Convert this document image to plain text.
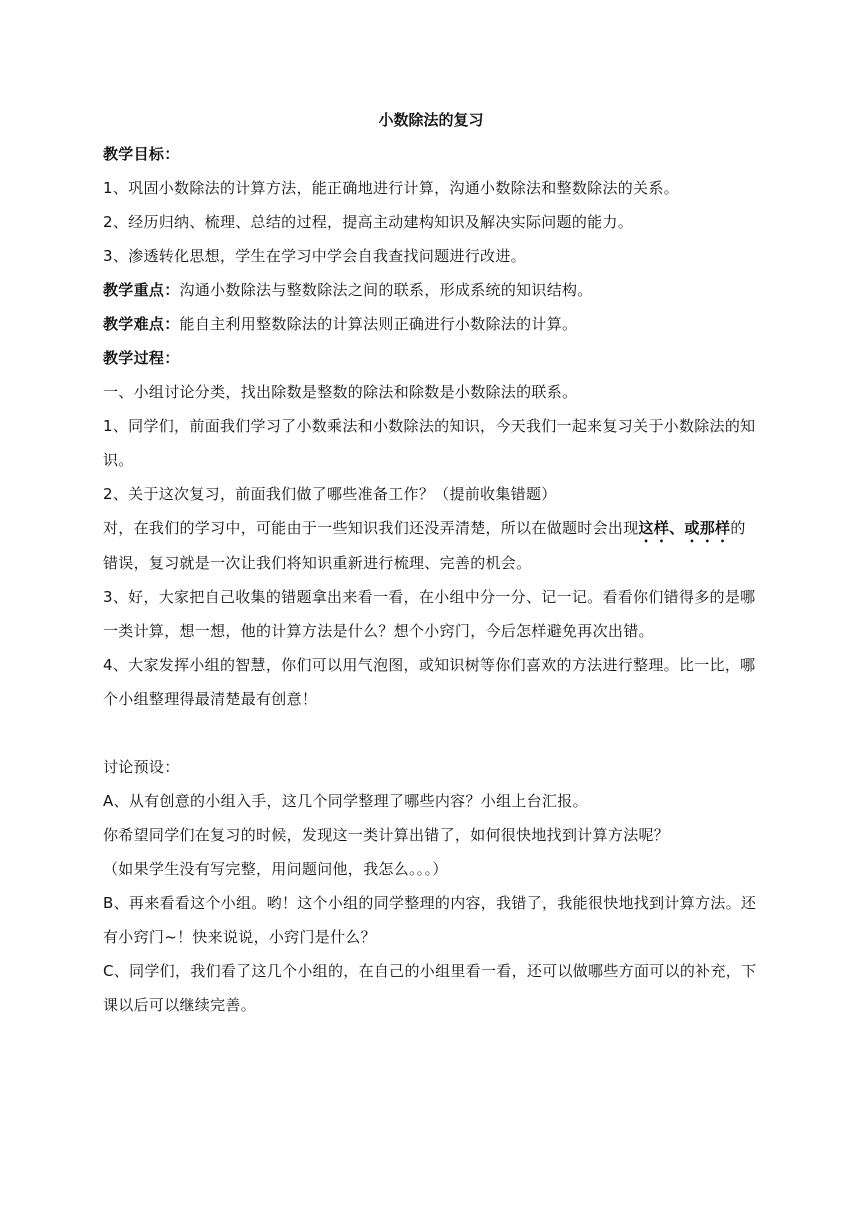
小数除法的复习

教学目标：

1、巩固小数除法的计算方法，能正确地进行计算，沟通小数除法和整数除法的关系。

2、经历归纳、梳理、总结的过程，提高主动建构知识及解决实际问题的能力。

3、渗透转化思想，学生在学习中学会自我查找问题进行改进。

教学重点：沟通小数除法与整数除法之间的联系，形成系统的知识结构。

教学难点：能自主利用整数除法的计算法则正确进行小数除法的计算。

教学过程：

一、小组讨论分类，找出除数是整数的除法和除数是小数除法的联系。

1、同学们，前面我们学习了小数乘法和小数除法的知识，今天我们一起来复习关于小数除法的知识。

2、关于这次复习，前面我们做了哪些准备工作？（提前收集错题）

对，在我们的学习中，可能由于一些知识我们还没弄清楚，所以在做题时会出现这样、或那样的错误，复习就是一次让我们将知识重新进行梳理、完善的机会。

3、好，大家把自己收集的错题拿出来看一看，在小组中分一分、记一记。看看你们错得多的是哪一类计算，想一想，他的计算方法是什么？想个小窍门，今后怎样避免再次出错。

4、大家发挥小组的智慧，你们可以用气泡图，或知识树等你们喜欢的方法进行整理。比一比，哪个小组整理得最清楚最有创意！

讨论预设：

A、从有创意的小组入手，这几个同学整理了哪些内容？小组上台汇报。

你希望同学们在复习的时候，发现这一类计算出错了，如何很快地找到计算方法呢？

（如果学生没有写完整，用问题问他，我怎么。。。）

B、再来看看这个小组。哟！这个小组的同学整理的内容，我错了，我能很快地找到计算方法。还有小窍门~！快来说说，小窍门是什么？

C、同学们，我们看了这几个小组的，在自己的小组里看一看，还可以做哪些方面可以的补充，下课以后可以继续完善。
